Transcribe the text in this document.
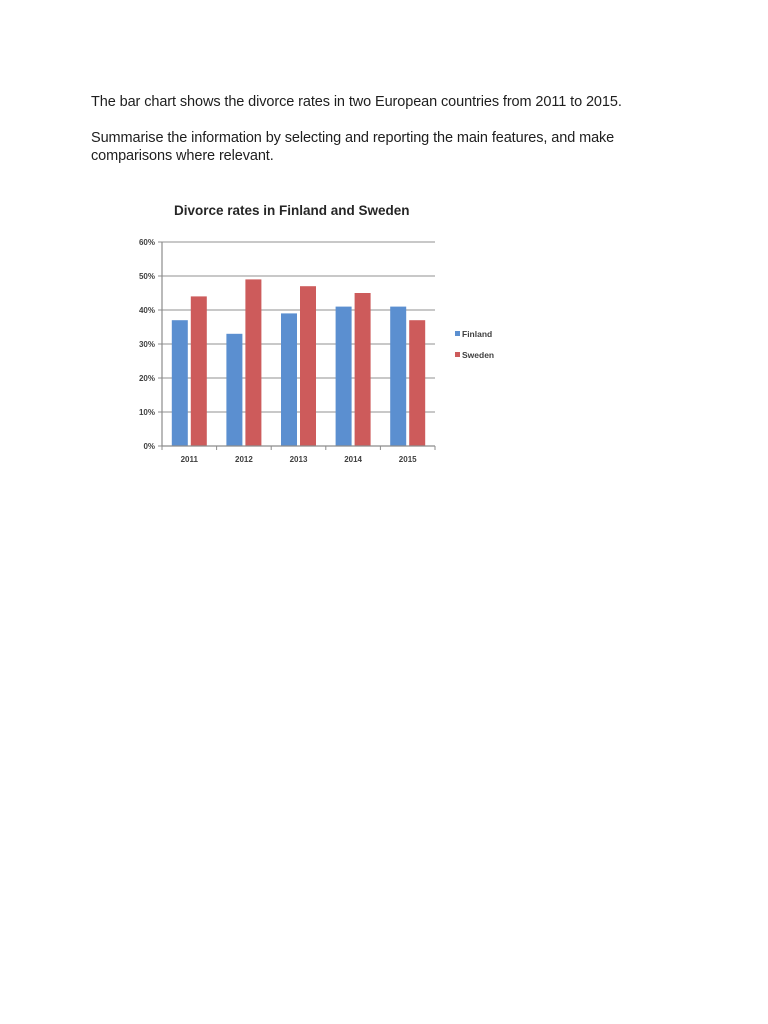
The bar chart shows the divorce rates in two European countries from 2011 to 2015.

Summarise the information by selecting and reporting the main features, and make comparisons where relevant.

Divorce rates in Finland and Sweden
0%
10%
20%
30%
40%
50%
60%
2011	2012	2013	2014	2015
Finland
Sweden
